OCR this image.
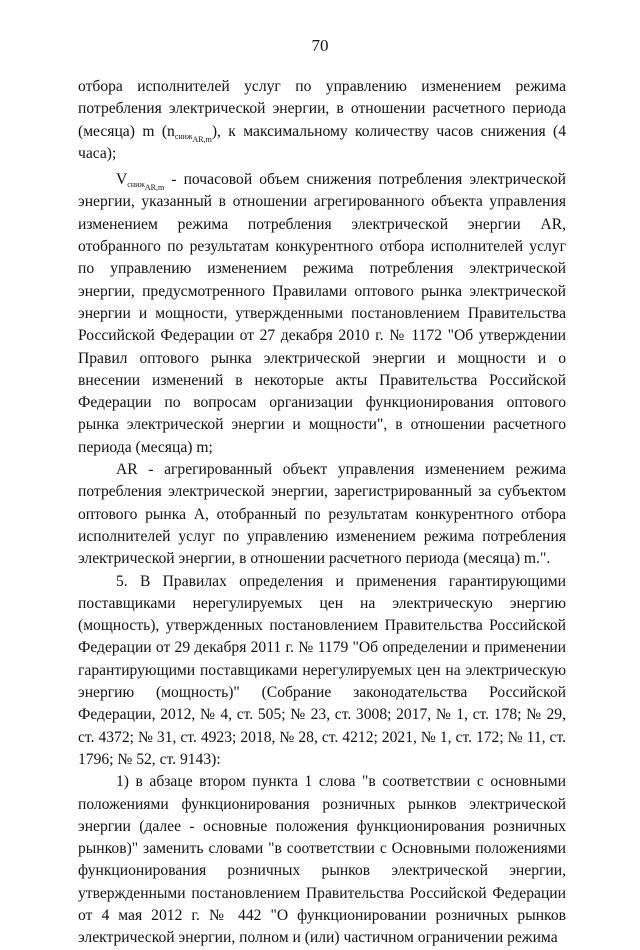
70

отбора исполнителей услуг по управлению изменением режима потребления электрической энергии, в отношении расчетного периода (месяца) m $(n_{сниж_{AR,m}})$, к максимальному количеству часов снижения (4 часа);

$V_{сниж_{AR,m}}$ - почасовой объем снижения потребления электрической энергии, указанный в отношении агрегированного объекта управления изменением режима потребления электрической энергии AR, отобранного по результатам конкурентного отбора исполнителей услуг по управлению изменением режима потребления электрической энергии, предусмотренного Правилами оптового рынка электрической энергии и мощности, утвержденными постановлением Правительства Российской Федерации от 27 декабря 2010 г. № 1172 "Об утверждении Правил оптового рынка электрической энергии и мощности и о внесении изменений в некоторые акты Правительства Российской Федерации по вопросам организации функционирования оптового рынка электрической энергии и мощности", в отношении расчетного периода (месяца) m;

AR - агрегированный объект управления изменением режима потребления электрической энергии, зарегистрированный за субъектом оптового рынка A, отобранный по результатам конкурентного отбора исполнителей услуг по управлению изменением режима потребления электрической энергии, в отношении расчетного периода (месяца) m.".

5. В Правилах определения и применения гарантирующими поставщиками нерегулируемых цен на электрическую энергию (мощность), утвержденных постановлением Правительства Российской Федерации от 29 декабря 2011 г. № 1179 "Об определении и применении гарантирующими поставщиками нерегулируемых цен на электрическую энергию (мощность)" (Собрание законодательства Российской Федерации, 2012, № 4, ст. 505; № 23, ст. 3008; 2017, № 1, ст. 178; № 29, ст. 4372; № 31, ст. 4923; 2018, № 28, ст. 4212; 2021, № 1, ст. 172; № 11, ст. 1796; № 52, ст. 9143):

1) в абзаце втором пункта 1 слова "в соответствии с основными положениями функционирования розничных рынков электрической энергии (далее - основные положения функционирования розничных рынков)" заменить словами "в соответствии с Основными положениями функционирования розничных рынков электрической энергии, утвержденными постановлением Правительства Российской Федерации от 4 мая 2012 г. № 442 "О функционировании розничных рынков электрической энергии, полном и (или) частичном ограничении режима
